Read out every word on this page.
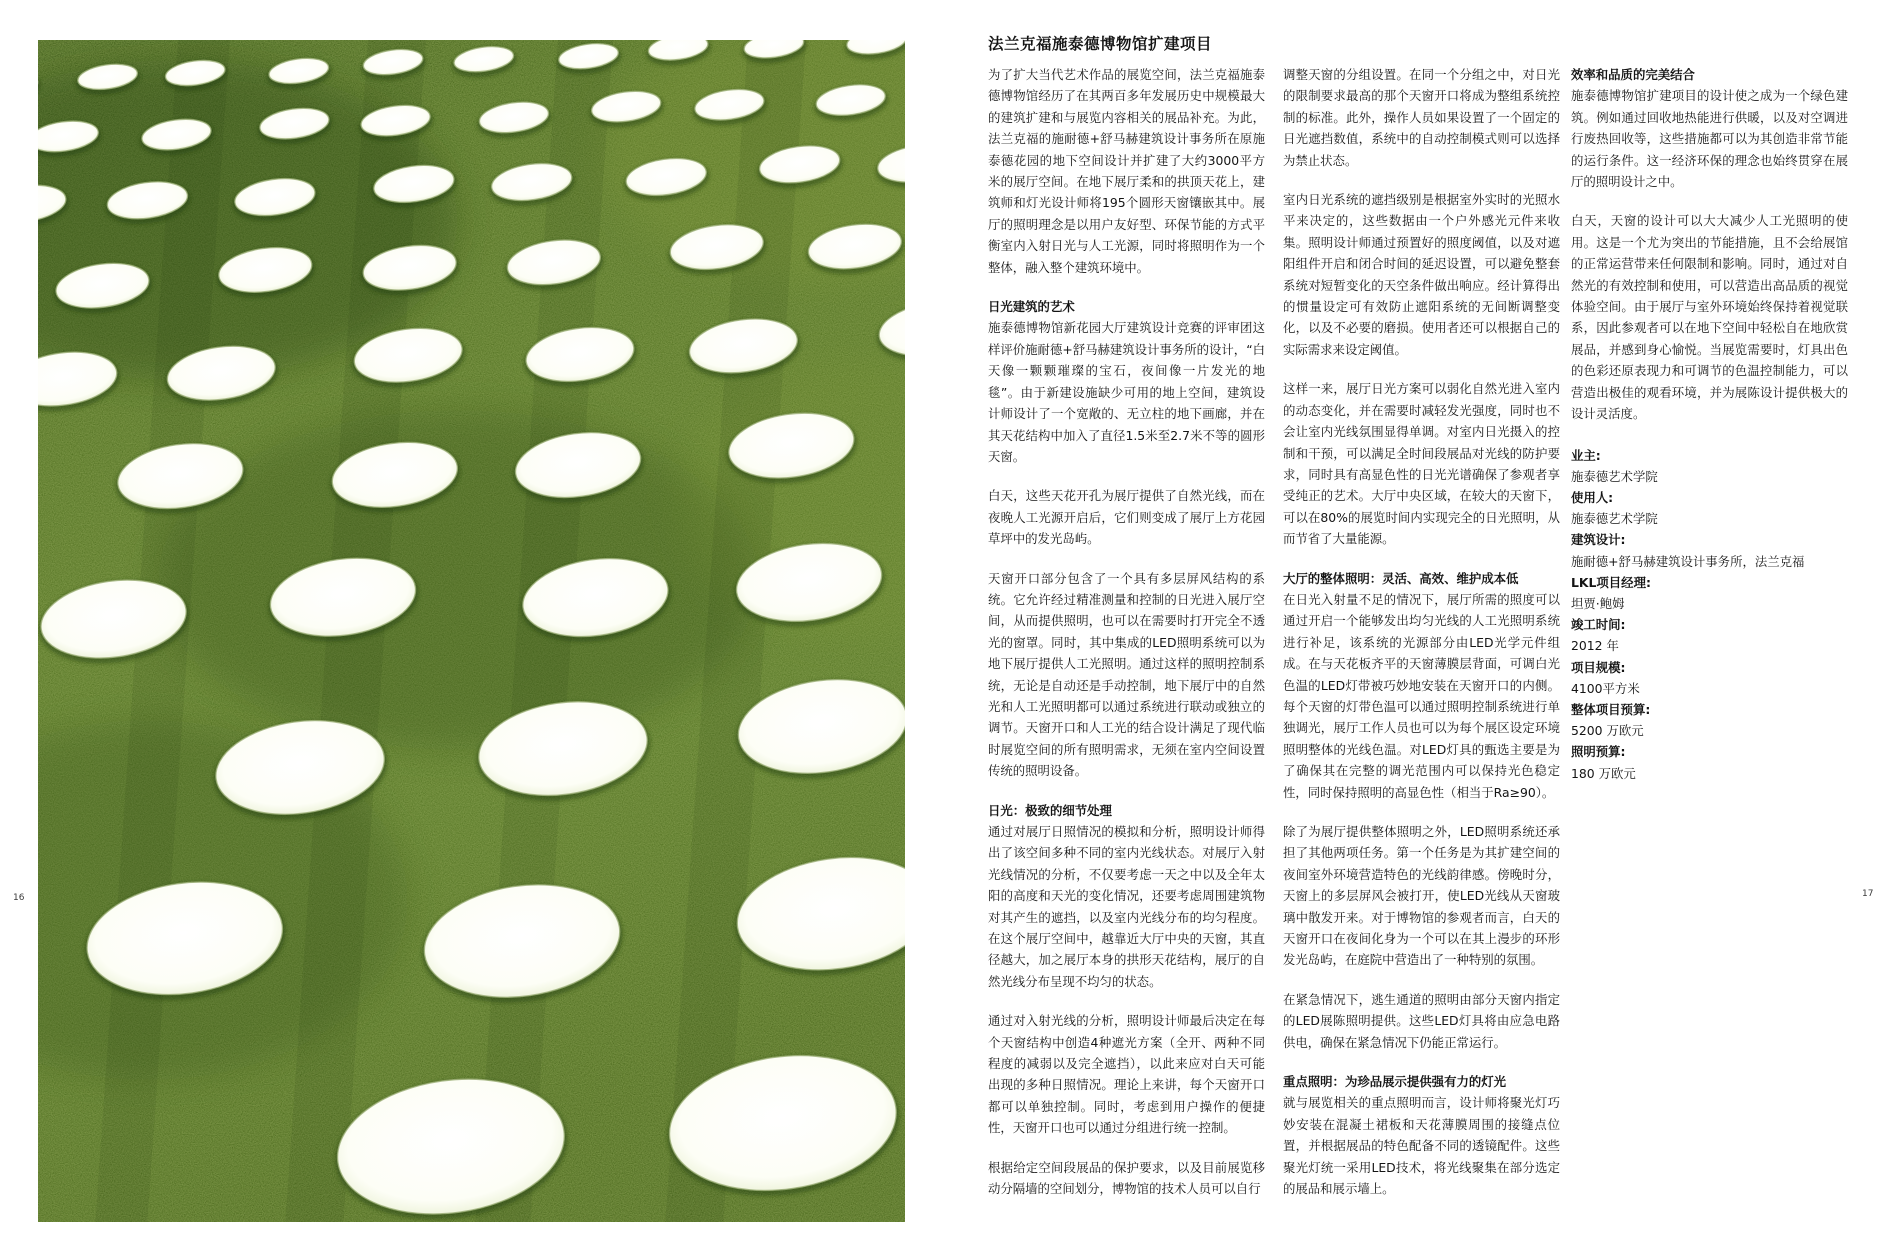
法兰克福施泰德博物馆扩建项目

为了扩大当代艺术作品的展览空间，法兰克福施泰德博物馆经历了在其两百多年发展历史中规模最大的建筑扩建和与展览内容相关的展品补充。为此，法兰克福的施耐德+舒马赫建筑设计事务所在原施泰德花园的地下空间设计并扩建了大约3000平方米的展厅空间。在地下展厅柔和的拱顶天花上，建筑师和灯光设计师将195个圆形天窗镶嵌其中。展厅的照明理念是以用户友好型、环保节能的方式平衡室内入射日光与人工光源，同时将照明作为一个整体，融入整个建筑环境中。

日光建筑的艺术

施泰德博物馆新花园大厅建筑设计竞赛的评审团这样评价施耐德+舒马赫建筑设计事务所的设计，“白天像一颗颗璀璨的宝石，夜间像一片发光的地毯”。由于新建设施缺少可用的地上空间，建筑设计师设计了一个宽敞的、无立柱的地下画廊，并在其天花结构中加入了直径1.5米至2.7米不等的圆形天窗。

白天，这些天花开孔为展厅提供了自然光线，而在夜晚人工光源开启后，它们则变成了展厅上方花园草坪中的发光岛屿。

天窗开口部分包含了一个具有多层屏风结构的系统。它允许经过精准测量和控制的日光进入展厅空间，从而提供照明，也可以在需要时打开完全不透光的窗罩。同时，其中集成的LED照明系统可以为地下展厅提供人工光照明。通过这样的照明控制系统，无论是自动还是手动控制，地下展厅中的自然光和人工光照明都可以通过系统进行联动或独立的调节。天窗开口和人工光的结合设计满足了现代临时展览空间的所有照明需求，无须在室内空间设置传统的照明设备。

日光：极致的细节处理

通过对展厅日照情况的模拟和分析，照明设计师得出了该空间多种不同的室内光线状态。对展厅入射光线情况的分析，不仅要考虑一天之中以及全年太阳的高度和天光的变化情况，还要考虑周围建筑物对其产生的遮挡，以及室内光线分布的均匀程度。在这个展厅空间中，越靠近大厅中央的天窗，其直径越大，加之展厅本身的拱形天花结构，展厅的自然光线分布呈现不均匀的状态。

通过对入射光线的分析，照明设计师最后决定在每个天窗结构中创造4种遮光方案（全开、两种不同程度的减弱以及完全遮挡），以此来应对白天可能出现的多种日照情况。理论上来讲，每个天窗开口都可以单独控制。同时，考虑到用户操作的便捷性，天窗开口也可以通过分组进行统一控制。

根据给定空间段展品的保护要求，以及目前展览移动分隔墙的空间划分，博物馆的技术人员可以自行

调整天窗的分组设置。在同一个分组之中，对日光的限制要求最高的那个天窗开口将成为整组系统控制的标准。此外，操作人员如果设置了一个固定的日光遮挡数值，系统中的自动控制模式则可以选择为禁止状态。

室内日光系统的遮挡级别是根据室外实时的光照水平来决定的，这些数据由一个户外感光元件来收集。照明设计师通过预置好的照度阈值，以及对遮阳组件开启和闭合时间的延迟设置，可以避免整套系统对短暂变化的天空条件做出响应。经计算得出的惯量设定可有效防止遮阳系统的无间断调整变化，以及不必要的磨损。使用者还可以根据自己的实际需求来设定阈值。

这样一来，展厅日光方案可以弱化自然光进入室内的动态变化，并在需要时减轻发光强度，同时也不会让室内光线氛围显得单调。对室内日光摄入的控制和干预，可以满足全时间段展品对光线的防护要求，同时具有高显色性的日光光谱确保了参观者享受纯正的艺术。大厅中央区域，在较大的天窗下，可以在80%的展览时间内实现完全的日光照明，从而节省了大量能源。

大厅的整体照明：灵活、高效、维护成本低

在日光入射量不足的情况下，展厅所需的照度可以通过开启一个能够发出均匀光线的人工光照明系统进行补足，该系统的光源部分由LED光学元件组成。在与天花板齐平的天窗薄膜层背面，可调白光色温的LED灯带被巧妙地安装在天窗开口的内侧。每个天窗的灯带色温可以通过照明控制系统进行单独调光，展厅工作人员也可以为每个展区设定环境照明整体的光线色温。对LED灯具的甄选主要是为了确保其在完整的调光范围内可以保持光色稳定性，同时保持照明的高显色性（相当于Ra≥90）。

除了为展厅提供整体照明之外，LED照明系统还承担了其他两项任务。第一个任务是为其扩建空间的夜间室外环境营造特色的光线韵律感。傍晚时分，天窗上的多层屏风会被打开，使LED光线从天窗玻璃中散发开来。对于博物馆的参观者而言，白天的天窗开口在夜间化身为一个可以在其上漫步的环形发光岛屿，在庭院中营造出了一种特别的氛围。

在紧急情况下，逃生通道的照明由部分天窗内指定的LED展陈照明提供。这些LED灯具将由应急电路供电，确保在紧急情况下仍能正常运行。

重点照明：为珍品展示提供强有力的灯光

就与展览相关的重点照明而言，设计师将聚光灯巧妙安装在混凝土裙板和天花薄膜周围的接缝点位置，并根据展品的特色配备不同的透镜配件。这些聚光灯统一采用LED技术，将光线聚集在部分选定的展品和展示墙上。

效率和品质的完美结合

施泰德博物馆扩建项目的设计使之成为一个绿色建筑。例如通过回收地热能进行供暖，以及对空调进行废热回收等，这些措施都可以为其创造非常节能的运行条件。这一经济环保的理念也始终贯穿在展厅的照明设计之中。

白天，天窗的设计可以大大减少人工光照明的使用。这是一个尤为突出的节能措施，且不会给展馆的正常运营带来任何限制和影响。同时，通过对自然光的有效控制和使用，可以营造出高品质的视觉体验空间。由于展厅与室外环境始终保持着视觉联系，因此参观者可以在地下空间中轻松自在地欣赏展品，并感到身心愉悦。当展览需要时，灯具出色的色彩还原表现力和可调节的色温控制能力，可以营造出极佳的观看环境，并为展陈设计提供极大的设计灵活度。

业主:
施泰德艺术学院
使用人:
施泰德艺术学院
建筑设计:
施耐德+舒马赫建筑设计事务所，法兰克福
LKL项目经理:
坦贾·鲍姆
竣工时间:
2012 年
项目规模:
4100平方米
整体项目预算:
5200 万欧元
照明预算:
180 万欧元
16	17
